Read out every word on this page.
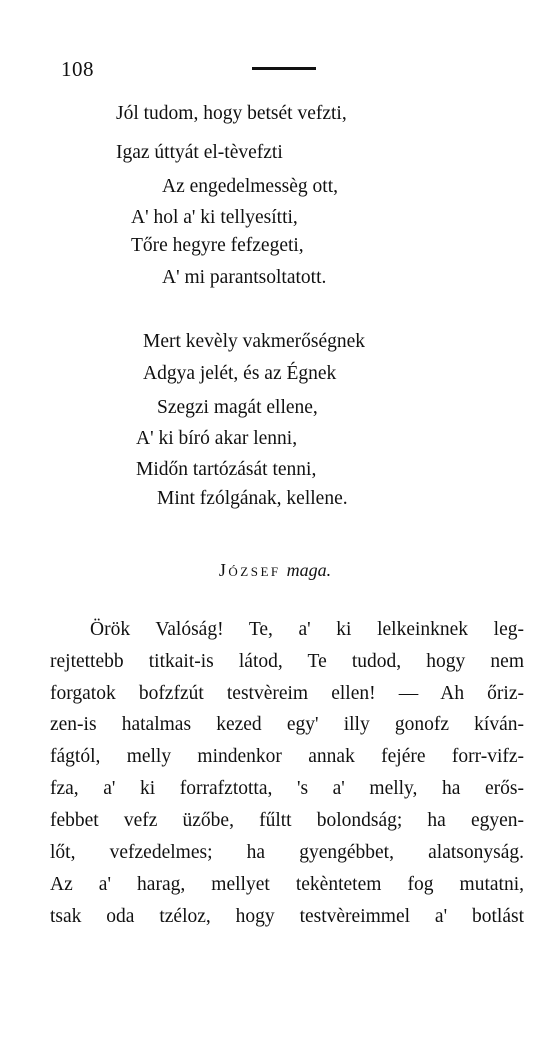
108
Jól tudom, hogy betsét vefzti,
Igaz úttyát el-tèvefzti
Az engedelmessèg ott,
A' hol a' ki tellyesítti,
Tőre hegyre fefzegeti,
A' mi parantsoltatott.
Mert kevèly vakmerőségnek
Adgya jelét, és az Égnek
Szegzi magát ellene,
A' ki bíró akar lenni,
Midőn tartózását tenni,
Mint fzólgának, kellene.
JÓZSEF maga.
Örök Valóság! Te, a' ki lelkeinknek leg-
rejtettebb titkait-is látod, Te tudod, hogy nem
forgatok bofzfzút testvèreim ellen! — Ah őriz-
zen-is hatalmas kezed egy' illy gonofz kíván-
fágtól, melly mindenkor annak fejére forr-vifz-
fza, a' ki forrafztotta, 's a' melly, ha erős-
febbet vefz üzőbe, fűltt bolondság; ha egyen-
lőt, vefzedelmes; ha gyengébbet, alatsonyság.
Az a' harag, mellyet tekèntetem fog mutatni,
tsak oda tzéloz, hogy testvèreimmel a' botlást
